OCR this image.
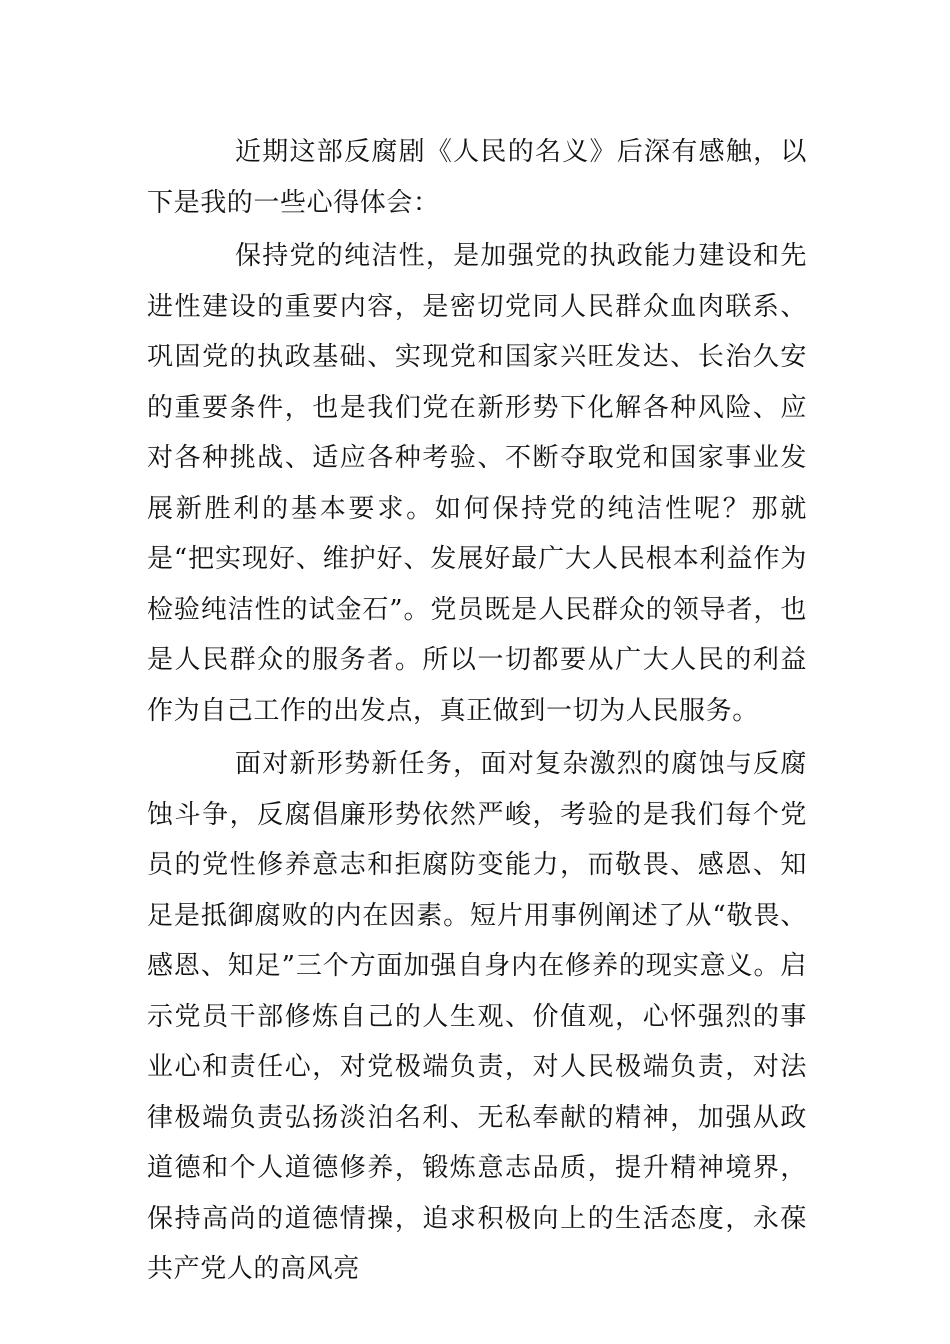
近期这部反腐剧《人民的名义》后深有感触，以下是我的一些心得体会：

保持党的纯洁性，是加强党的执政能力建设和先进性建设的重要内容，是密切党同人民群众血肉联系、巩固党的执政基础、实现党和国家兴旺发达、长治久安的重要条件，也是我们党在新形势下化解各种风险、应对各种挑战、适应各种考验、不断夺取党和国家事业发展新胜利的基本要求。如何保持党的纯洁性呢？那就是“把实现好、维护好、发展好最广大人民根本利益作为检验纯洁性的试金石”。党员既是人民群众的领导者，也是人民群众的服务者。所以一切都要从广大人民的利益作为自己工作的出发点，真正做到一切为人民服务。

面对新形势新任务，面对复杂激烈的腐蚀与反腐蚀斗争，反腐倡廉形势依然严峻，考验的是我们每个党员的党性修养意志和拒腐防变能力，而敬畏、感恩、知足是抵御腐败的内在因素。短片用事例阐述了从“敬畏、感恩、知足”三个方面加强自身内在修养的现实意义。启示党员干部修炼自己的人生观、价值观，心怀强烈的事业心和责任心，对党极端负责，对人民极端负责，对法律极端负责弘扬淡泊名利、无私奉献的精神，加强从政道德和个人道德修养，锻炼意志品质，提升精神境界，保持高尚的道德情操，追求积极向上的生活态度，永葆共产党人的高风亮
